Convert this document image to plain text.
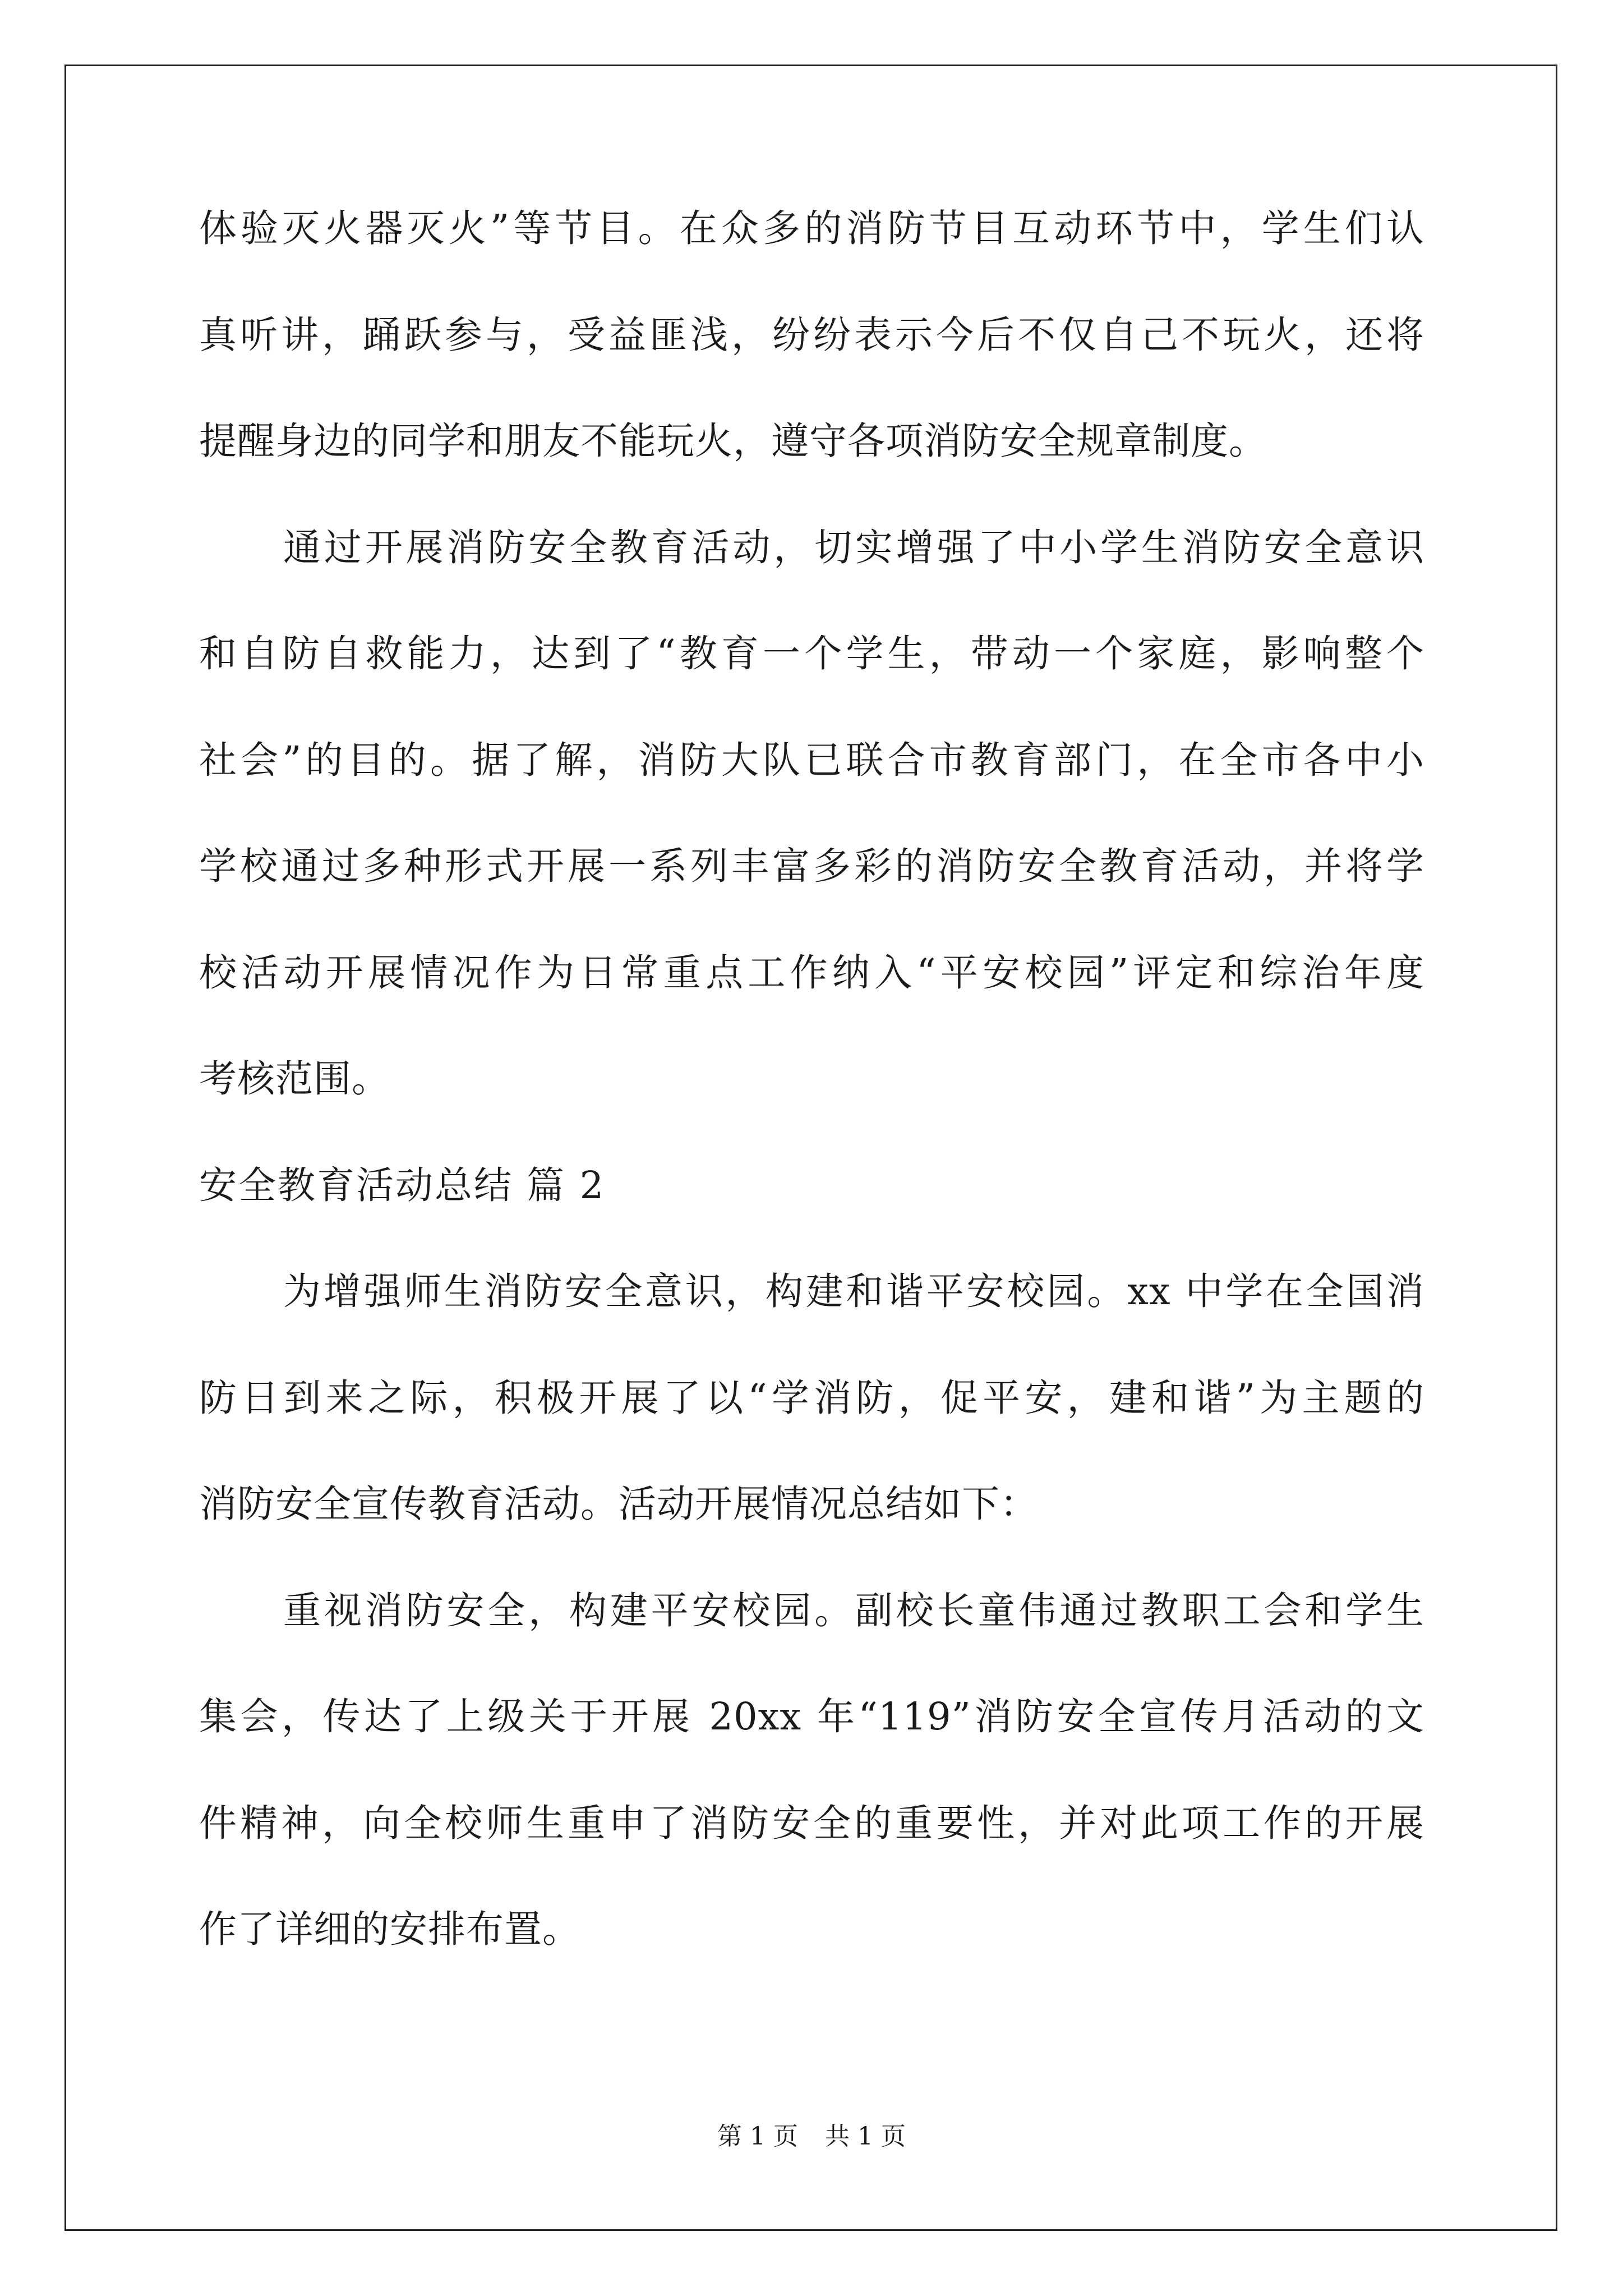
体验灭火器灭火”等节目。在众多的消防节目互动环节中，学生们认
真听讲，踊跃参与，受益匪浅，纷纷表示今后不仅自己不玩火，还将
提醒身边的同学和朋友不能玩火，遵守各项消防安全规章制度。
通过开展消防安全教育活动，切实增强了中小学生消防安全意识
和自防自救能力，达到了“教育一个学生，带动一个家庭，影响整个
社会”的目的。据了解，消防大队已联合市教育部门，在全市各中小
学校通过多种形式开展一系列丰富多彩的消防安全教育活动，并将学
校活动开展情况作为日常重点工作纳入“平安校园”评定和综治年度
考核范围。
安全教育活动总结 篇 2
为增强师生消防安全意识，构建和谐平安校园。xx 中学在全国消
防日到来之际，积极开展了以“学消防，促平安，建和谐”为主题的
消防安全宣传教育活动。活动开展情况总结如下：
重视消防安全，构建平安校园。副校长童伟通过教职工会和学生
集会，传达了上级关于开展 20xx 年“119”消防安全宣传月活动的文
件精神，向全校师生重申了消防安全的重要性，并对此项工作的开展
作了详细的安排布置。
第 1 页 共 1 页
